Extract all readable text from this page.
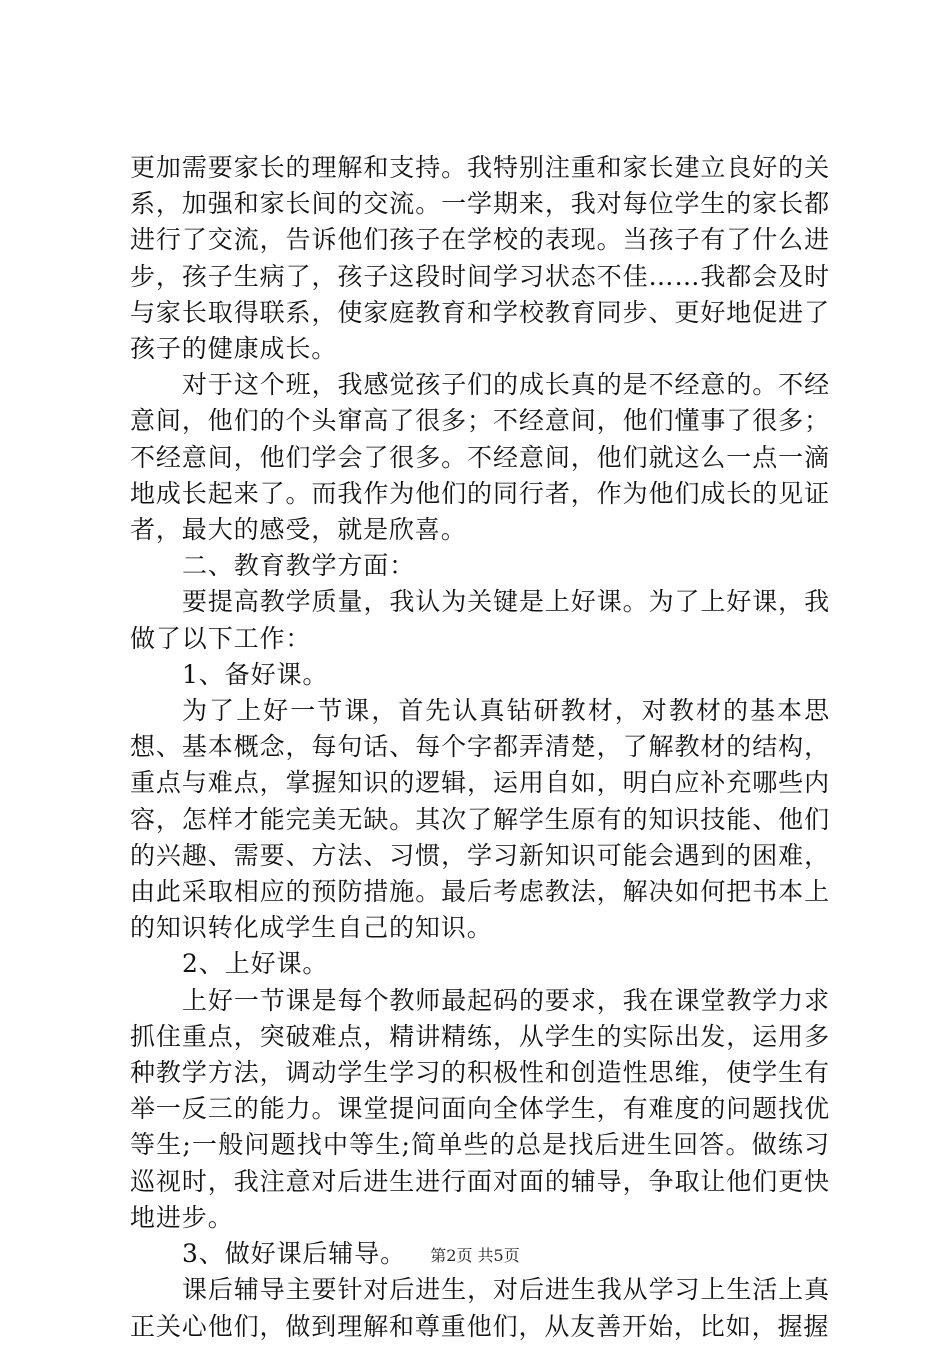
更加需要家长的理解和支持。我特别注重和家长建立良好的关系，加强和家长间的交流。一学期来，我对每位学生的家长都进行了交流，告诉他们孩子在学校的表现。当孩子有了什么进步，孩子生病了，孩子这段时间学习状态不佳……我都会及时与家长取得联系，使家庭教育和学校教育同步、更好地促进了孩子的健康成长。

对于这个班，我感觉孩子们的成长真的是不经意的。不经意间，他们的个头窜高了很多；不经意间，他们懂事了很多；不经意间，他们学会了很多。不经意间，他们就这么一点一滴地成长起来了。而我作为他们的同行者，作为他们成长的见证者，最大的感受，就是欣喜。

二、教育教学方面：

要提高教学质量，我认为关键是上好课。为了上好课，我做了以下工作：

1、备好课。

为了上好一节课，首先认真钻研教材，对教材的基本思想、基本概念，每句话、每个字都弄清楚，了解教材的结构，重点与难点，掌握知识的逻辑，运用自如，明白应补充哪些内容，怎样才能完美无缺。其次了解学生原有的知识技能、他们的兴趣、需要、方法、习惯，学习新知识可能会遇到的困难，由此采取相应的预防措施。最后考虑教法，解决如何把书本上的知识转化成学生自己的知识。

2、上好课。

上好一节课是每个教师最起码的要求，我在课堂教学力求抓住重点，突破难点，精讲精练，从学生的实际出发，运用多种教学方法，调动学生学习的积极性和创造性思维，使学生有举一反三的能力。课堂提问面向全体学生，有难度的问题找优等生;一般问题找中等生;简单些的总是找后进生回答。做练习巡视时，我注意对后进生进行面对面的辅导，争取让他们更快地进步。

3、做好课后辅导。

课后辅导主要针对后进生，对后进生我从学习上生活上真正关心他们，做到理解和尊重他们，从友善开始，比如，握握

第2页 共5页
